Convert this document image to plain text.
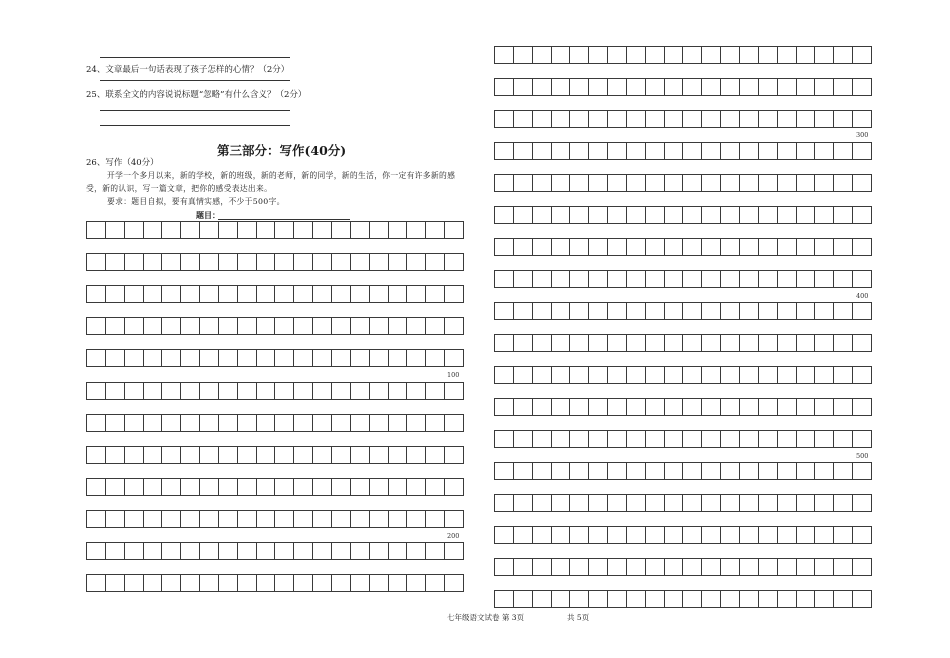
24、文章最后一句话表现了孩子怎样的心情？（2分）
25、联系全文的内容说说标题“忽略”有什么含义？（2分）
第三部分：写作(40分)
26、写作（40分）
开学一个多月以来，新的学校，新的班级，新的老师，新的同学，新的生活，你一定有许多新的感
受，新的认识，写一篇文章，把你的感受表达出来。
要求：题目自拟，要有真情实感，不少于500字。
题目：
100
200
300
400
500
七年级语文试卷 第 3页	共 5页
